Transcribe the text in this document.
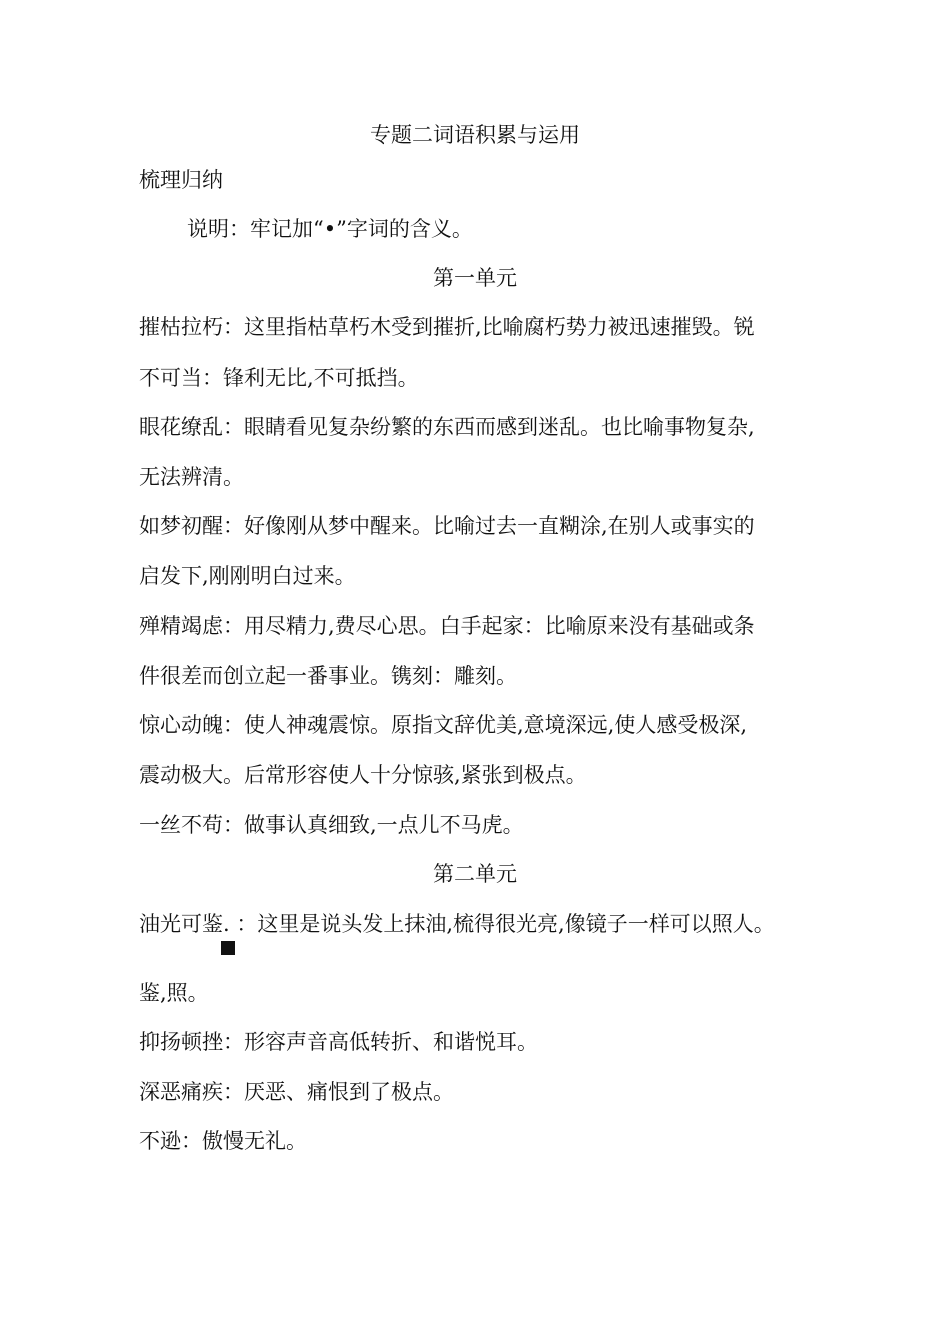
专题二词语积累与运用
梳理归纳
说明：牢记加“•”字词的含义。
第一单元
摧枯拉朽：这里指枯草朽木受到摧折,比喻腐朽势力被迅速摧毁。锐
不可当：锋利无比,不可抵挡。
眼花缭乱：眼睛看见复杂纷繁的东西而感到迷乱。也比喻事物复杂,
无法辨清。
如梦初醒：好像刚从梦中醒来。比喻过去一直糊涂,在别人或事实的
启发下,刚刚明白过来。
殚精竭虑：用尽精力,费尽心思。白手起家：比喻原来没有基础或条
件很差而创立起一番事业。镌刻：雕刻。
惊心动魄：使人神魂震惊。原指文辞优美,意境深远,使人感受极深,
震动极大。后常形容使人十分惊骇,紧张到极点。
一丝不苟：做事认真细致,一点儿不马虎。
第二单元
油光可鉴. ：这里是说头发上抹油,梳得很光亮,像镜子一样可以照人。
鉴,照。
抑扬顿挫：形容声音高低转折、和谐悦耳。
深恶痛疾：厌恶、痛恨到了极点。
不逊：傲慢无礼。
